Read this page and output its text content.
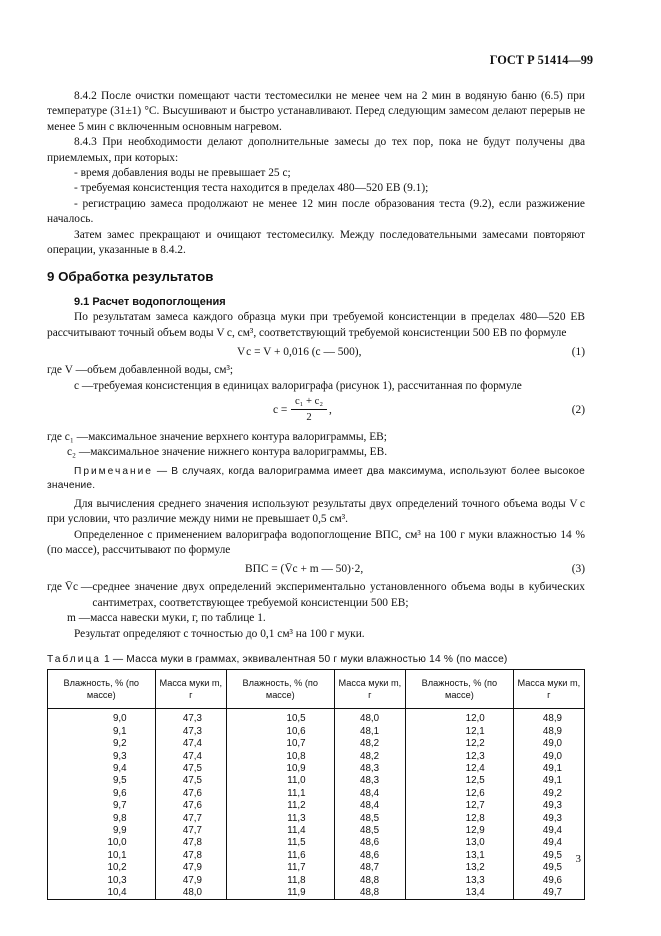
ГОСТ Р 51414—99

8.4.2 После очистки помещают части тестомесилки не менее чем на 2 мин в водяную баню (6.5) при температуре (31±1) °С. Высушивают и быстро устанавливают. Перед следующим замесом делают перерыв не менее 5 мин с включенным основным нагревом.

8.4.3 При необходимости делают дополнительные замесы до тех пор, пока не будут получены два приемлемых, при которых:

- время добавления воды не превышает 25 с;

- требуемая консистенция теста находится в пределах 480—520 ЕВ (9.1);

- регистрацию замеса продолжают не менее 12 мин после образования теста (9.2), если разжижение началось.

Затем замес прекращают и очищают тестомесилку. Между последовательными замесами повторяют операции, указанные в 8.4.2.

9 Обработка результатов
9.1 Расчет водопоглощения

По результатам замеса каждого образца муки при требуемой консистенции в пределах 480—520 ЕВ рассчитывают точный объем воды V c, см³, соответствующий требуемой консистенции 500 ЕВ по формуле

V c = V + 0,016 (c — 500),	(1)
где V — объем добавленной воды, см³;
c — требуемая консистенция в единицах валориграфа (рисунок 1), рассчитанная по формуле
$c = \frac{\text{c₁ + c₂}}{2}$ ,	(2)
где c₁ — максимальное значение верхнего контура валориграммы, ЕВ;
c₂ — максимальное значение нижнего контура валориграммы, ЕВ.

Примечание — В случаях, когда валориграмма имеет два максимума, используют более высокое значение.

Для вычисления среднего значения используют результаты двух определений точного объема воды V c при условии, что различие между ними не превышает 0,5 см³.

Определенное с применением валориграфа водопоглощение ВПС, см³ на 100 г муки влажностью 14 % (по массе), рассчитывают по формуле

ВПС = (V̄c + m — 50)·2,	(3)
где V̄c — среднее значение двух определений экспериментально установленного объема воды в кубических сантиметрах, соответствующее требуемой консистенции 500 ЕВ;
m — масса навески муки, г, по таблице 1.

Результат определяют с точностью до 0,1 см³ на 100 г муки.

Таблица 1 — Масса муки в граммах, эквивалентная 50 г муки влажностью 14 % (по массе)

Влажность, % (по массе)	Масса муки m, г	Влажность, % (по массе)	Масса муки m, г	Влажность, % (по массе)	Масса муки m, г
9,0	47,3	10,5	48,0	12,0	48,9
9,1	47,3	10,6	48,1	12,1	48,9
9,2	47,4	10,7	48,2	12,2	49,0
9,3	47,4	10,8	48,2	12,3	49,0
9,4	47,5	10,9	48,3	12,4	49,1
9,5	47,5	11,0	48,3	12,5	49,1
9,6	47,6	11,1	48,4	12,6	49,2
9,7	47,6	11,2	48,4	12,7	49,3
9,8	47,7	11,3	48,5	12,8	49,3
9,9	47,7	11,4	48,5	12,9	49,4
10,0	47,8	11,5	48,6	13,0	49,4
10,1	47,8	11,6	48,6	13,1	49,5
10,2	47,9	11,7	48,7	13,2	49,5
10,3	47,9	11,8	48,8	13,3	49,6
10,4	48,0	11,9	48,8	13,4	49,7
3
